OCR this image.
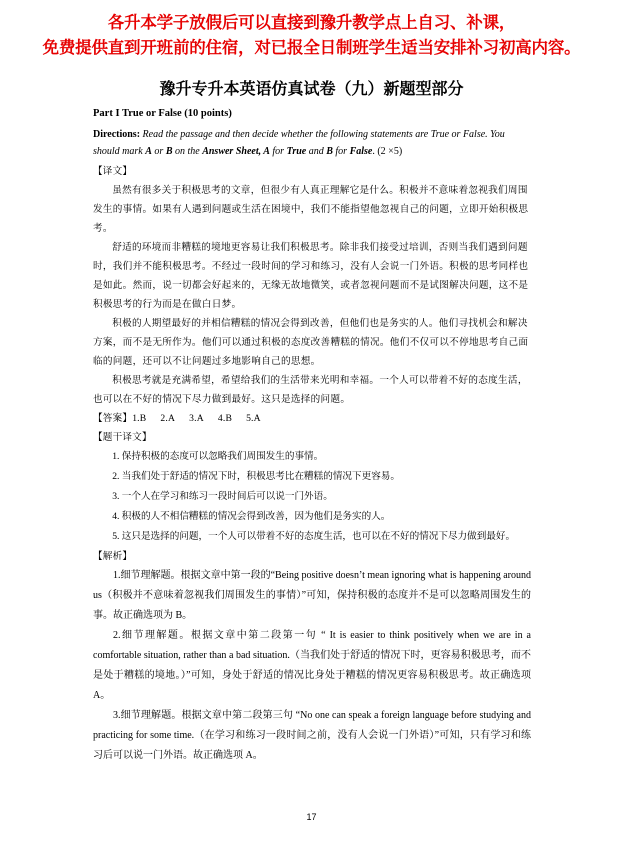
各升本学子放假后可以直接到豫升教学点上自习、补课，
免费提供直到开班前的住宿，对已报全日制班学生适当安排补习初高内容。
豫升专升本英语仿真试卷（九）新题型部分

Part I True or False (10 points)

Directions: Read the passage and then decide whether the following statements are True or False. You should mark A or B on the Answer Sheet, A for True and B for False. (2 ×5)

【译文】

虽然有很多关于积极思考的文章，但很少有人真正理解它是什么。积极并不意味着忽视我们周围发生的事情。如果有人遇到问题或生活在困境中，我们不能指望他忽视自己的问题，立即开始积极思考。

舒适的环境而非糟糕的境地更容易让我们积极思考。除非我们接受过培训，否则当我们遇到问题时，我们并不能积极思考。不经过一段时间的学习和练习，没有人会说一门外语。积极的思考同样也是如此。然而，说一切都会好起来的，无缘无故地微笑，或者忽视问题而不是试图解决问题，这不是积极思考的行为而是在做白日梦。

积极的人期望最好的并相信糟糕的情况会得到改善，但他们也是务实的人。他们寻找机会和解决方案，而不是无所作为。他们可以通过积极的态度改善糟糕的情况。他们不仅可以不停地思考自己面临的问题，还可以不让问题过多地影响自己的思想。

积极思考就是充满希望，希望给我们的生活带来光明和幸福。一个人可以带着不好的态度生活，也可以在不好的情况下尽力做到最好。这只是选择的问题。

【答案】1.B 2.A 3.A 4.B 5.A

【题干译文】

1. 保持积极的态度可以忽略我们周围发生的事情。

2. 当我们处于舒适的情况下时，积极思考比在糟糕的情况下更容易。

3. 一个人在学习和练习一段时间后可以说一门外语。

4. 积极的人不相信糟糕的情况会得到改善，因为他们是务实的人。

5. 这只是选择的问题，一个人可以带着不好的态度生活，也可以在不好的情况下尽力做到最好。

【解析】

1.细节理解题。根据文章中第一段的“Being positive doesn’t mean ignoring what is happening around us（积极并不意味着忽视我们周围发生的事情）”可知，保持积极的态度并不是可以忽略周围发生的事。故正确选项为 B。

2.细节理解题。根据文章中第二段第一句 “ It is easier to think positively when we are in a comfortable situation, rather than a bad situation.（当我们处于舒适的情况下时，更容易积极思考，而不是处于糟糕的境地。）”可知，身处于舒适的情况比身处于糟糕的情况更容易积极思考。故正确选项 A。

3.细节理解题。根据文章中第二段第三句 “No one can speak a foreign language before studying and practicing for some time.（在学习和练习一段时间之前，没有人会说一门外语）”可知，只有学习和练习后可以说一门外语。故正确选项 A。

17
